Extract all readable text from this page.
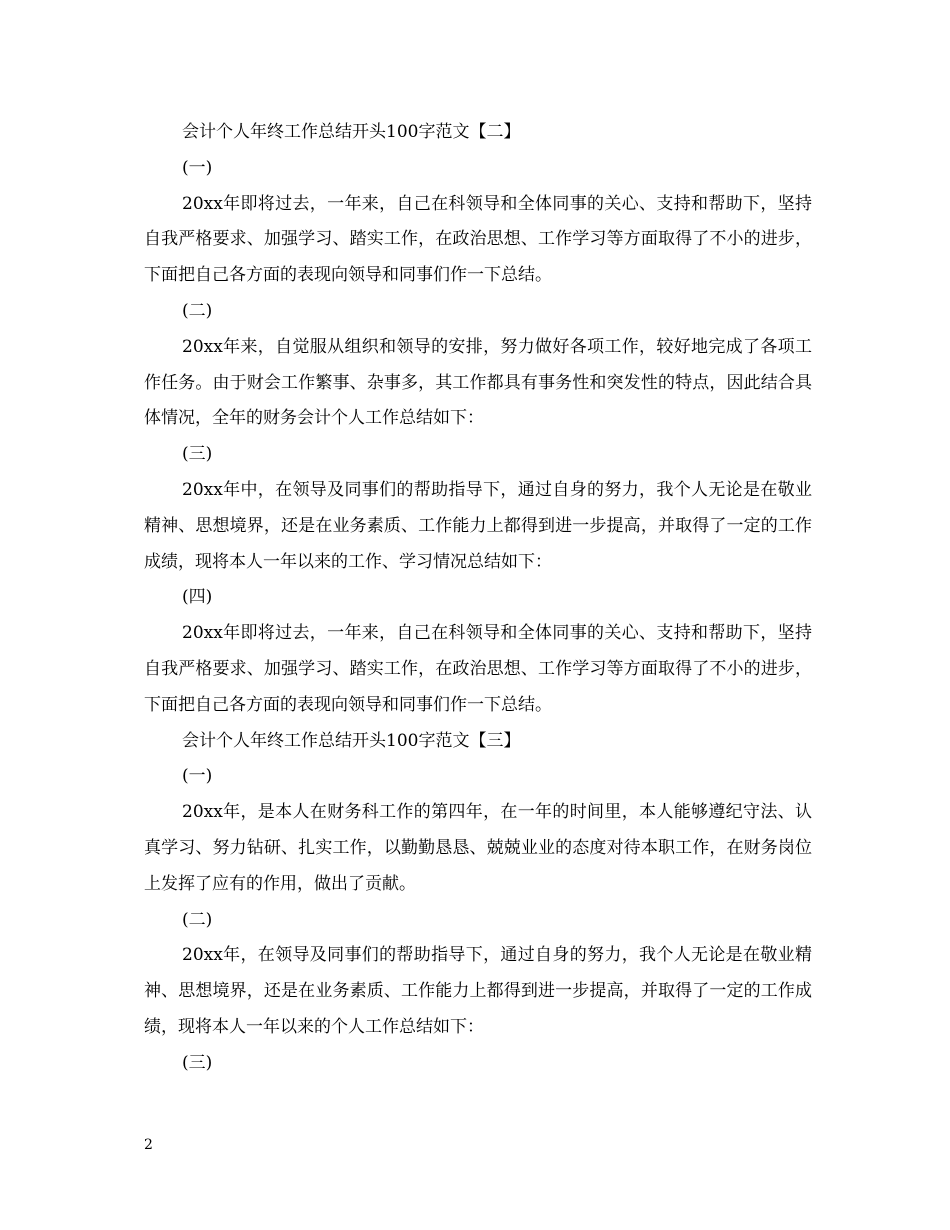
会计个人年终工作总结开头100字范文【二】

(一)

20xx年即将过去，一年来，自己在科领导和全体同事的关心、支持和帮助下，坚持自我严格要求、加强学习、踏实工作，在政治思想、工作学习等方面取得了不小的进步，下面把自己各方面的表现向领导和同事们作一下总结。

(二)

20xx年来，自觉服从组织和领导的安排，努力做好各项工作，较好地完成了各项工作任务。由于财会工作繁事、杂事多，其工作都具有事务性和突发性的特点，因此结合具体情况，全年的财务会计个人工作总结如下：

(三)

20xx年中，在领导及同事们的帮助指导下，通过自身的努力，我个人无论是在敬业精神、思想境界，还是在业务素质、工作能力上都得到进一步提高，并取得了一定的工作成绩，现将本人一年以来的工作、学习情况总结如下：

(四)

20xx年即将过去，一年来，自己在科领导和全体同事的关心、支持和帮助下，坚持自我严格要求、加强学习、踏实工作，在政治思想、工作学习等方面取得了不小的进步，下面把自己各方面的表现向领导和同事们作一下总结。

会计个人年终工作总结开头100字范文【三】

(一)

20xx年，是本人在财务科工作的第四年，在一年的时间里，本人能够遵纪守法、认真学习、努力钻研、扎实工作，以勤勤恳恳、兢兢业业的态度对待本职工作，在财务岗位上发挥了应有的作用，做出了贡献。

(二)

20xx年，在领导及同事们的帮助指导下，通过自身的努力，我个人无论是在敬业精神、思想境界，还是在业务素质、工作能力上都得到进一步提高，并取得了一定的工作成绩，现将本人一年以来的个人工作总结如下：

(三)

2
